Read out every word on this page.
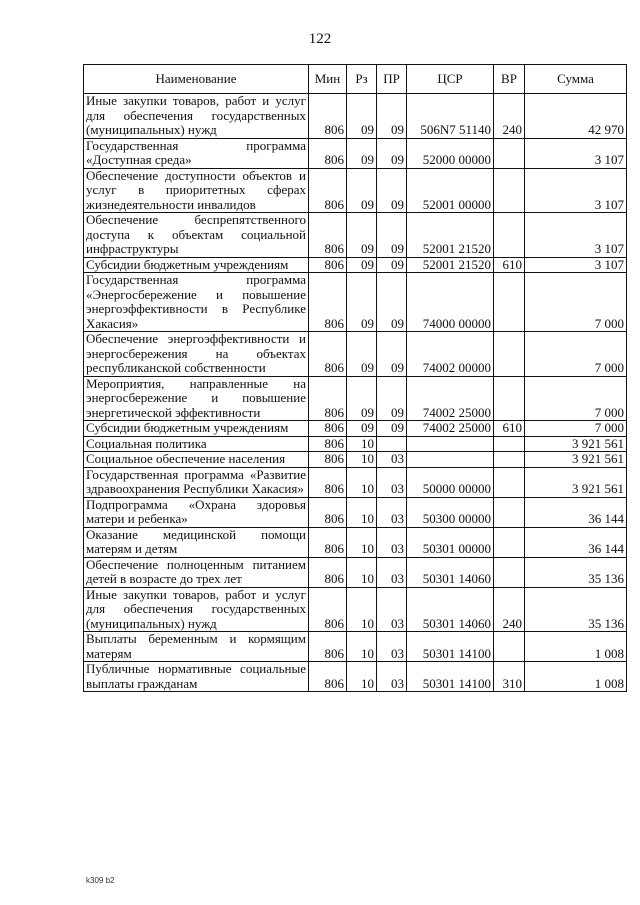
122
Наименование	Мин	Рз	ПР	ЦСР	ВР	Сумма
Иные закупки товаров, работ и услуг для обеспечения государственных (муниципальных) нужд	806	09	09	506N7 51140	240	42 970
Государственная программа «Доступная среда»	806	09	09	52000 00000		3 107
Обеспечение доступности объектов и услуг в приоритетных сферах жизнедеятельности инвалидов	806	09	09	52001 00000		3 107
Обеспечение беспрепятственного доступа к объектам социальной инфраструктуры	806	09	09	52001 21520		3 107
Субсидии бюджетным учреждениям	806	09	09	52001 21520	610	3 107
Государственная программа «Энергосбережение и повышение энергоэффективности в Республике Хакасия»	806	09	09	74000 00000		7 000
Обеспечение энергоэффективности и энергосбережения на объектах республиканской собственности	806	09	09	74002 00000		7 000
Мероприятия, направленные на энергосбережение и повышение энергетической эффективности	806	09	09	74002 25000		7 000
Субсидии бюджетным учреждениям	806	09	09	74002 25000	610	7 000
Социальная политика	806	10				3 921 561
Социальное обеспечение населения	806	10	03			3 921 561
Государственная программа «Развитие здравоохранения Республики Хакасия»	806	10	03	50000 00000		3 921 561
Подпрограмма «Охрана здоровья матери и ребенка»	806	10	03	50300 00000		36 144
Оказание медицинской помощи матерям и детям	806	10	03	50301 00000		36 144
Обеспечение полноценным питанием детей в возрасте до трех лет	806	10	03	50301 14060		35 136
Иные закупки товаров, работ и услуг для обеспечения государственных (муниципальных) нужд	806	10	03	50301 14060	240	35 136
Выплаты беременным и кормящим матерям	806	10	03	50301 14100		1 008
Публичные нормативные социальные выплаты гражданам	806	10	03	50301 14100	310	1 008
k309 b2
